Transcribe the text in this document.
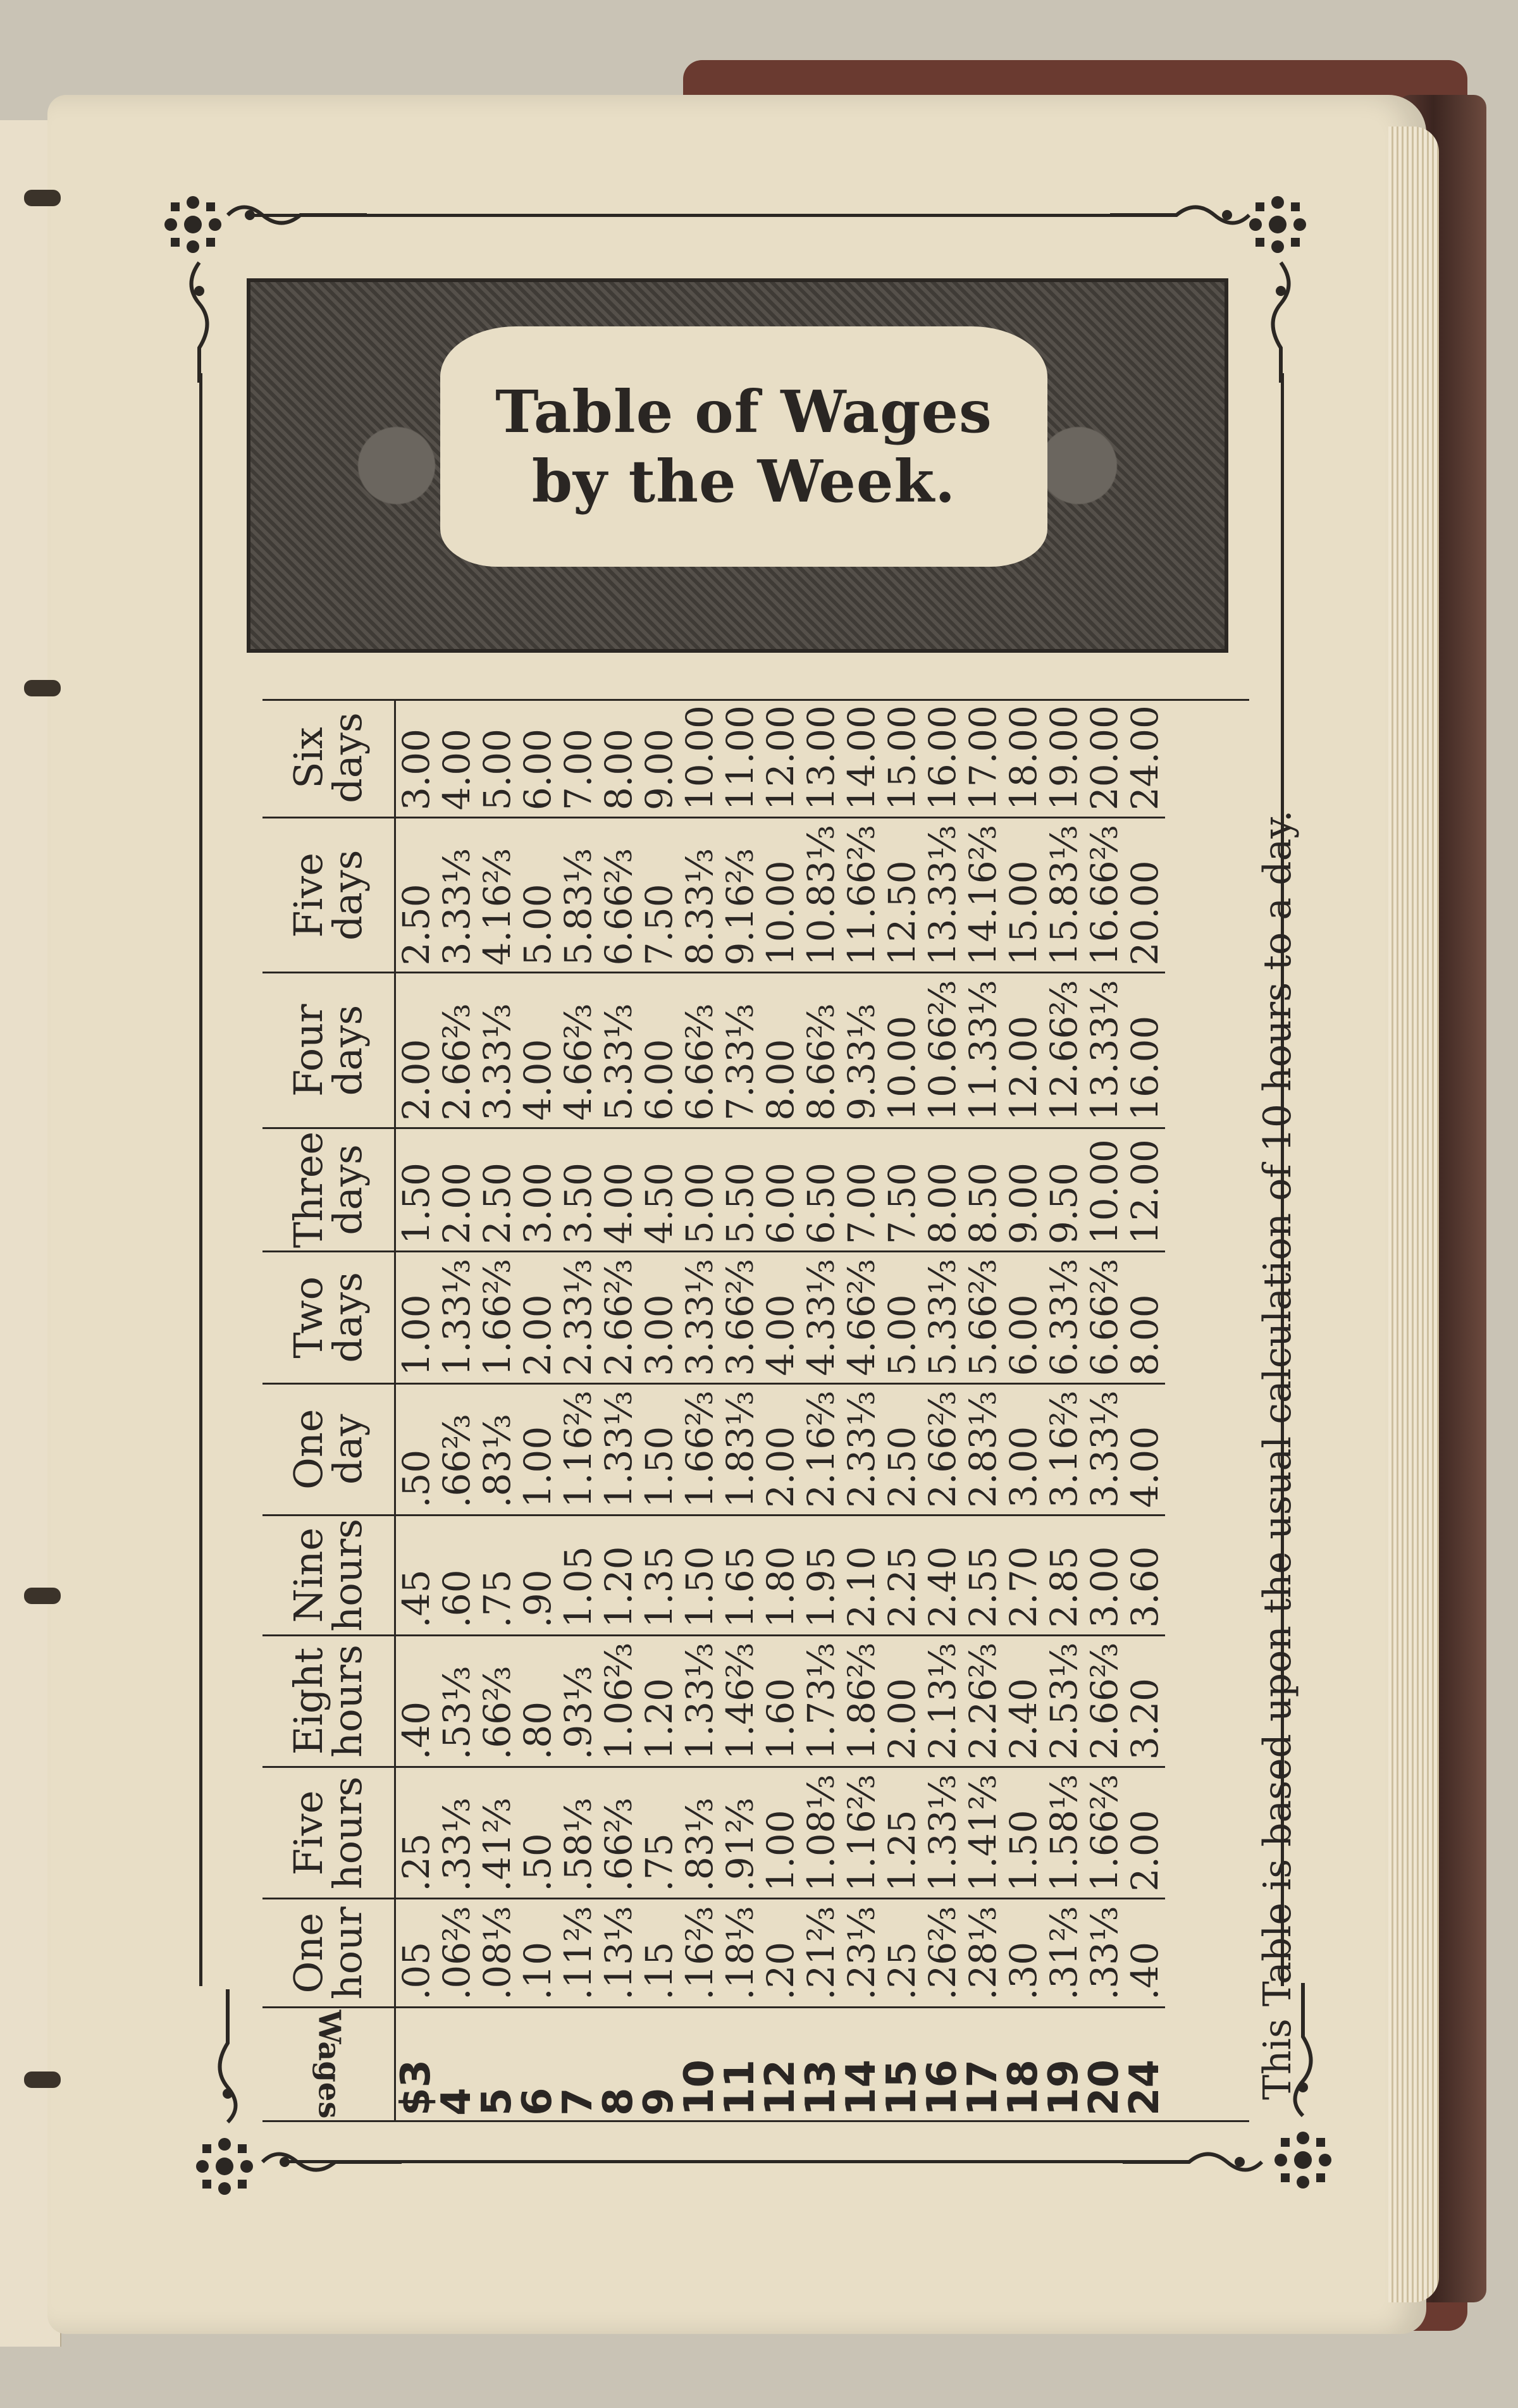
Table of Wages
by the Week.
Wages	One hour	Five hours	Eight hours	Nine hours	One day	Two days	Three days	Four days	Five days	Six days
$3	.05	.25	.40	.45	.50	1.00	1.50	2.00	2.50	3.00
4	.06⅔	.33⅓	.53⅓	.60	.66⅔	1.33⅓	2.00	2.66⅔	3.33⅓	4.00
5	.08⅓	.41⅔	.66⅔	.75	.83⅓	1.66⅔	2.50	3.33⅓	4.16⅔	5.00
6	.10	.50	.80	.90	1.00	2.00	3.00	4.00	5.00	6.00
7	.11⅔	.58⅓	.93⅓	1.05	1.16⅔	2.33⅓	3.50	4.66⅔	5.83⅓	7.00
8	.13⅓	.66⅔	1.06⅔	1.20	1.33⅓	2.66⅔	4.00	5.33⅓	6.66⅔	8.00
9	.15	.75	1.20	1.35	1.50	3.00	4.50	6.00	7.50	9.00
10	.16⅔	.83⅓	1.33⅓	1.50	1.66⅔	3.33⅓	5.00	6.66⅔	8.33⅓	10.00
11	.18⅓	.91⅔	1.46⅔	1.65	1.83⅓	3.66⅔	5.50	7.33⅓	9.16⅔	11.00
12	.20	1.00	1.60	1.80	2.00	4.00	6.00	8.00	10.00	12.00
13	.21⅔	1.08⅓	1.73⅓	1.95	2.16⅔	4.33⅓	6.50	8.66⅔	10.83⅓	13.00
14	.23⅓	1.16⅔	1.86⅔	2.10	2.33⅓	4.66⅔	7.00	9.33⅓	11.66⅔	14.00
15	.25	1.25	2.00	2.25	2.50	5.00	7.50	10.00	12.50	15.00
16	.26⅔	1.33⅓	2.13⅓	2.40	2.66⅔	5.33⅓	8.00	10.66⅔	13.33⅓	16.00
17	.28⅓	1.41⅔	2.26⅔	2.55	2.83⅓	5.66⅔	8.50	11.33⅓	14.16⅔	17.00
18	.30	1.50	2.40	2.70	3.00	6.00	9.00	12.00	15.00	18.00
19	.31⅔	1.58⅓	2.53⅓	2.85	3.16⅔	6.33⅓	9.50	12.66⅔	15.83⅓	19.00
20	.33⅓	1.66⅔	2.66⅔	3.00	3.33⅓	6.66⅔	10.00	13.33⅓	16.66⅔	20.00
24	.40	2.00	3.20	3.60	4.00	8.00	12.00	16.00	20.00	24.00
This Table is based upon the usual calculation of 10 hours to a day.
